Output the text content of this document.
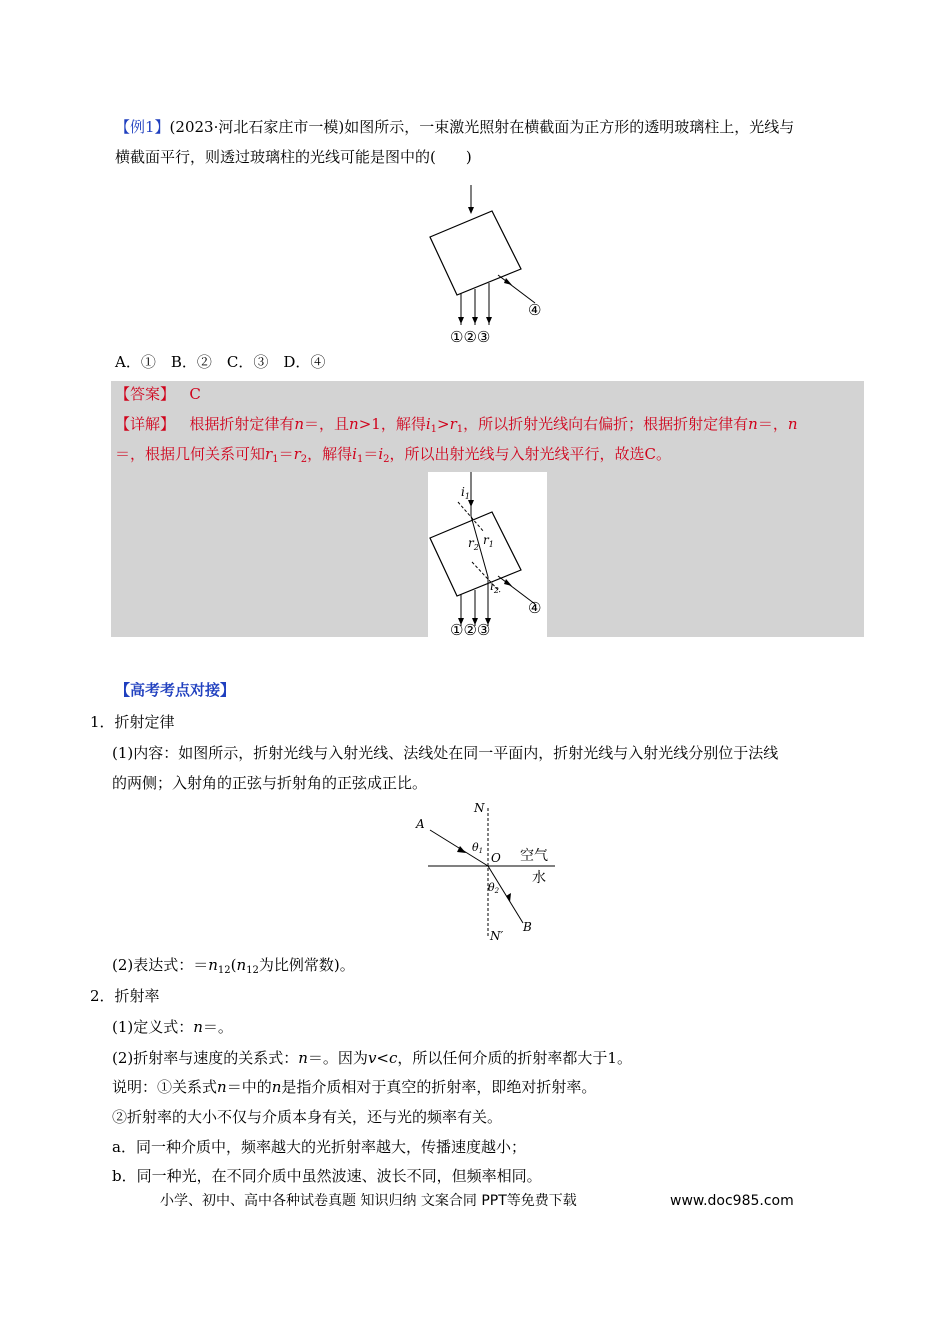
【例1】(2023·河北石家庄市一模)如图所示，一束激光照射在横截面为正方形的透明玻璃柱上，光线与
横截面平行，则透过玻璃柱的光线可能是图中的(　　)
①②③
④
A．①　B．②　C．③　D．④
【答案】 C
【详解】 根据折射定律有n＝，且n>1，解得$i_1>r_1$，所以折射光线向右偏折；根据折射定律有n＝，n
＝，根据几何关系可知$r_1=r_2$，解得$i_1=i_2$，所以出射光线与入射光线平行，故选C。
$i_1$
$r_2$
$r_1$
$i_2$
①②③
④
【高考考点对接】
1．折射定律
(1)内容：如图所示，折射光线与入射光线、法线处在同一平面内，折射光线与入射光线分别位于法线
的两侧；入射角的正弦与折射角的正弦成正比。
N
A
θ1 O 空气
水
θ2
B
N′
(2)表达式：$=n_{12}(n_{12}$为比例常数)。
2．折射率
(1)定义式：n＝。
(2)折射率与速度的关系式：n＝。因为v<c，所以任何介质的折射率都大于1。
说明：①关系式n＝中的n是指介质相对于真空的折射率，即绝对折射率。
②折射率的大小不仅与介质本身有关，还与光的频率有关。
a．同一种介质中，频率越大的光折射率越大，传播速度越小；
b．同一种光，在不同介质中虽然波速、波长不同，但频率相同。
小学、初中、高中各种试卷真题 知识归纳 文案合同 PPT等免费下载	www.doc985.com
